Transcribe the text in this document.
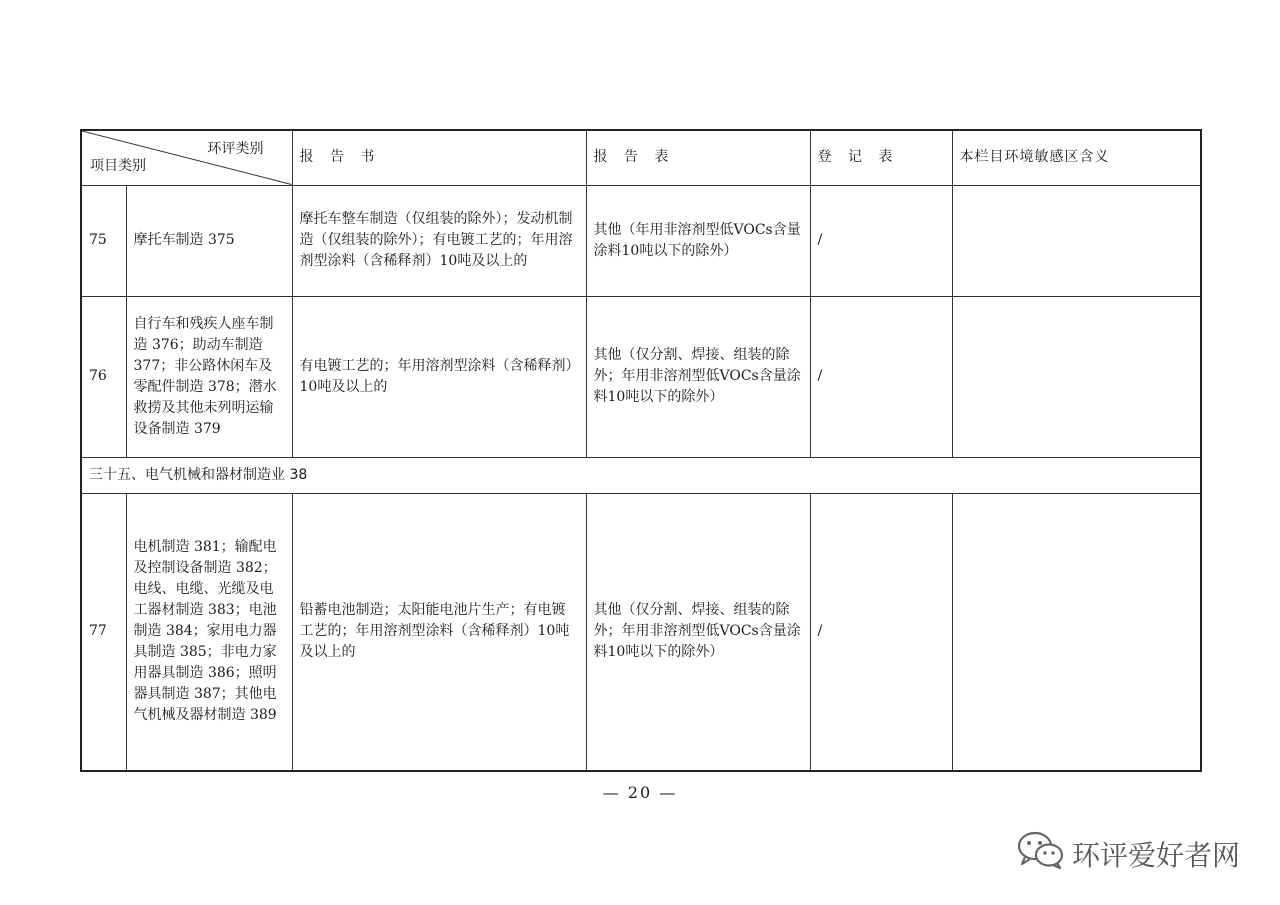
环评类别
项目类别		报 告 书	报 告 表	登 记 表	本栏目环境敏感区含义
75	摩托车制造 375	摩托车整车制造（仅组装的除外）；发动机制造（仅组装的除外）；有电镀工艺的；年用溶剂型涂料（含稀释剂）10吨及以上的	其他（年用非溶剂型低VOCs含量涂料10吨以下的除外）	/	
76	自行车和残疾人座车制造 376；助动车制造 377；非公路休闲车及零配件制造 378；潜水救捞及其他未列明运输设备制造 379	有电镀工艺的；年用溶剂型涂料（含稀释剂）10吨及以上的	其他（仅分割、焊接、组装的除外；年用非溶剂型低VOCs含量涂料10吨以下的除外）	/	
三十五、电气机械和器材制造业 38					
77	电机制造 381；输配电及控制设备制造 382；电线、电缆、光缆及电工器材制造 383；电池制造 384；家用电力器具制造 385；非电力家用器具制造 386；照明器具制造 387；其他电气机械及器材制造 389	铅蓄电池制造；太阳能电池片生产；有电镀工艺的；年用溶剂型涂料（含稀释剂）10吨及以上的	其他（仅分割、焊接、组装的除外；年用非溶剂型低VOCs含量涂料10吨以下的除外）	/	
— 20 —
环评爱好者网
